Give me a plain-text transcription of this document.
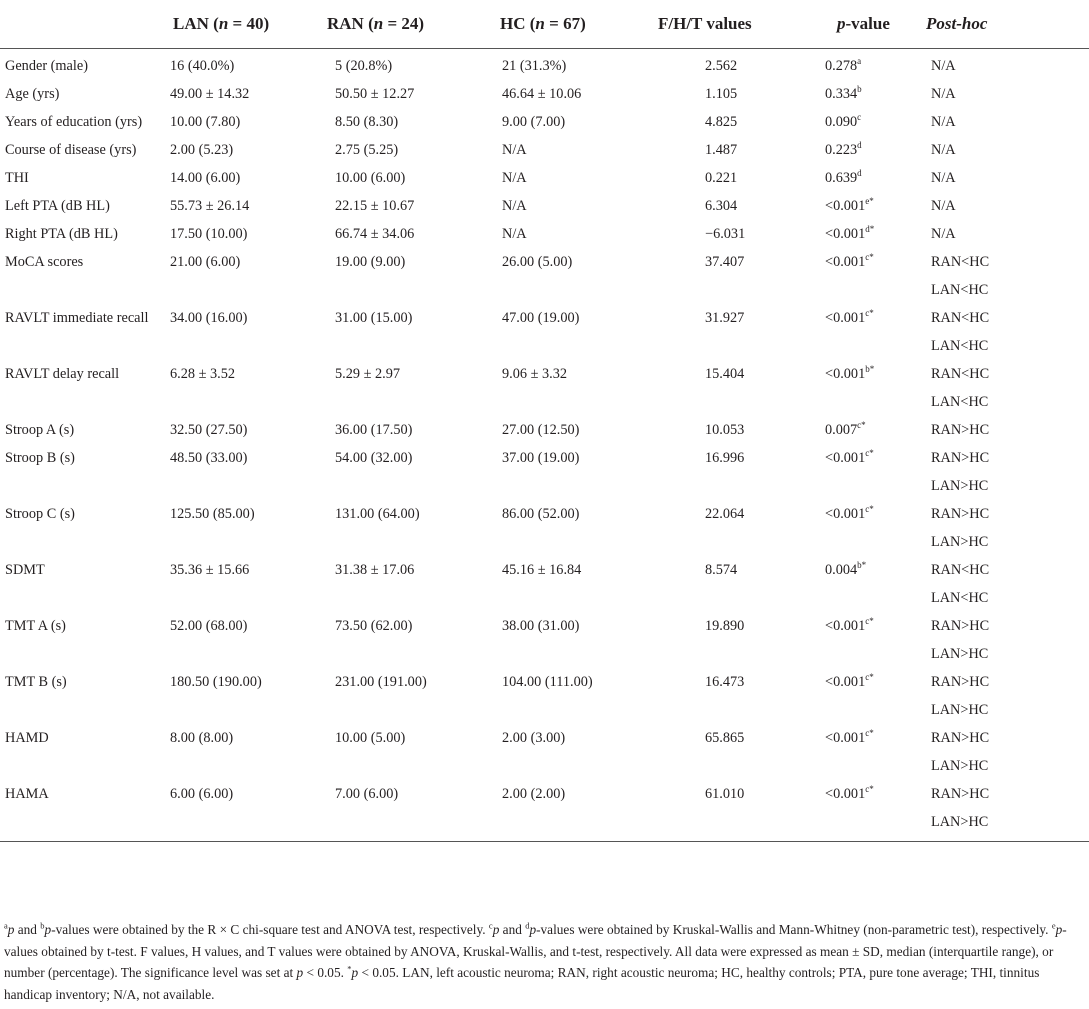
	LAN (n = 40)	RAN (n = 24)	HC (n = 67)	F/H/T values	p-value	Post-hoc
Gender (male)	16 (40.0%)	5 (20.8%)	21 (31.3%)	2.562	0.278$^a$	N/A

Age (yrs)	49.00 ± 14.32	50.50 ± 12.27	46.64 ± 10.06	1.105	0.334$^b$	N/A

Years of education (yrs)	10.00 (7.80)	8.50 (8.30)	9.00 (7.00)	4.825	0.090$^c$	N/A

Course of disease (yrs)	2.00 (5.23)	2.75 (5.25)	N/A	1.487	0.223$^d$	N/A

THI	14.00 (6.00)	10.00 (6.00)	N/A	0.221	0.639$^d$	N/A

Left PTA (dB HL)	55.73 ± 26.14	22.15 ± 10.67	N/A	6.304	$<0.001^{e*}$	N/A

Right PTA (dB HL)	17.50 (10.00)	66.74 ± 34.06	N/A	−6.031	$<0.001^{d*}$	N/A

MoCA scores	21.00 (6.00)	19.00 (9.00)	26.00 (5.00)	37.407	$<0.001^{c*}$	RAN<HC
LAN<HC

RAVLT immediate recall	34.00 (16.00)	31.00 (15.00)	47.00 (19.00)	31.927	$<0.001^{c*}$	RAN<HC
LAN<HC

RAVLT delay recall	6.28 ± 3.52	5.29 ± 2.97	9.06 ± 3.32	15.404	$<0.001^{b*}$	RAN<HC
LAN<HC

Stroop A (s)	32.50 (27.50)	36.00 (17.50)	27.00 (12.50)	10.053	$0.007^{c*}$	RAN>HC

Stroop B (s)	48.50 (33.00)	54.00 (32.00)	37.00 (19.00)	16.996	$<0.001^{c*}$	RAN>HC
LAN>HC

Stroop C (s)	125.50 (85.00)	131.00 (64.00)	86.00 (52.00)	22.064	$<0.001^{c*}$	RAN>HC
LAN>HC

SDMT	35.36 ± 15.66	31.38 ± 17.06	45.16 ± 16.84	8.574	$0.004^{b*}$	RAN<HC
LAN<HC

TMT A (s)	52.00 (68.00)	73.50 (62.00)	38.00 (31.00)	19.890	$<0.001^{c*}$	RAN>HC
LAN>HC

TMT B (s)	180.50 (190.00)	231.00 (191.00)	104.00 (111.00)	16.473	$<0.001^{c*}$	RAN>HC
LAN>HC

HAMD	8.00 (8.00)	10.00 (5.00)	2.00 (3.00)	65.865	$<0.001^{c*}$	RAN>HC
LAN>HC

HAMA	6.00 (6.00)	7.00 (6.00)	2.00 (2.00)	61.010	$<0.001^{c*}$	RAN>HC
LAN>HC
$^a$p and $^b$p-values were obtained by the R × C chi-square test and ANOVA test, respectively. $^c$p and $^d$p-values were obtained by Kruskal-Wallis and Mann-Whitney (non-parametric test), respectively. $^e$p-values obtained by t-test. F values, H values, and T values were obtained by ANOVA, Kruskal-Wallis, and t-test, respectively. All data were expressed as mean ± SD, median (interquartile range), or number (percentage). The significance level was set at p < 0.05. *p < 0.05. LAN, left acoustic neuroma; RAN, right acoustic neuroma; HC, healthy controls; PTA, pure tone average; THI, tinnitus handicap inventory; N/A, not available.
